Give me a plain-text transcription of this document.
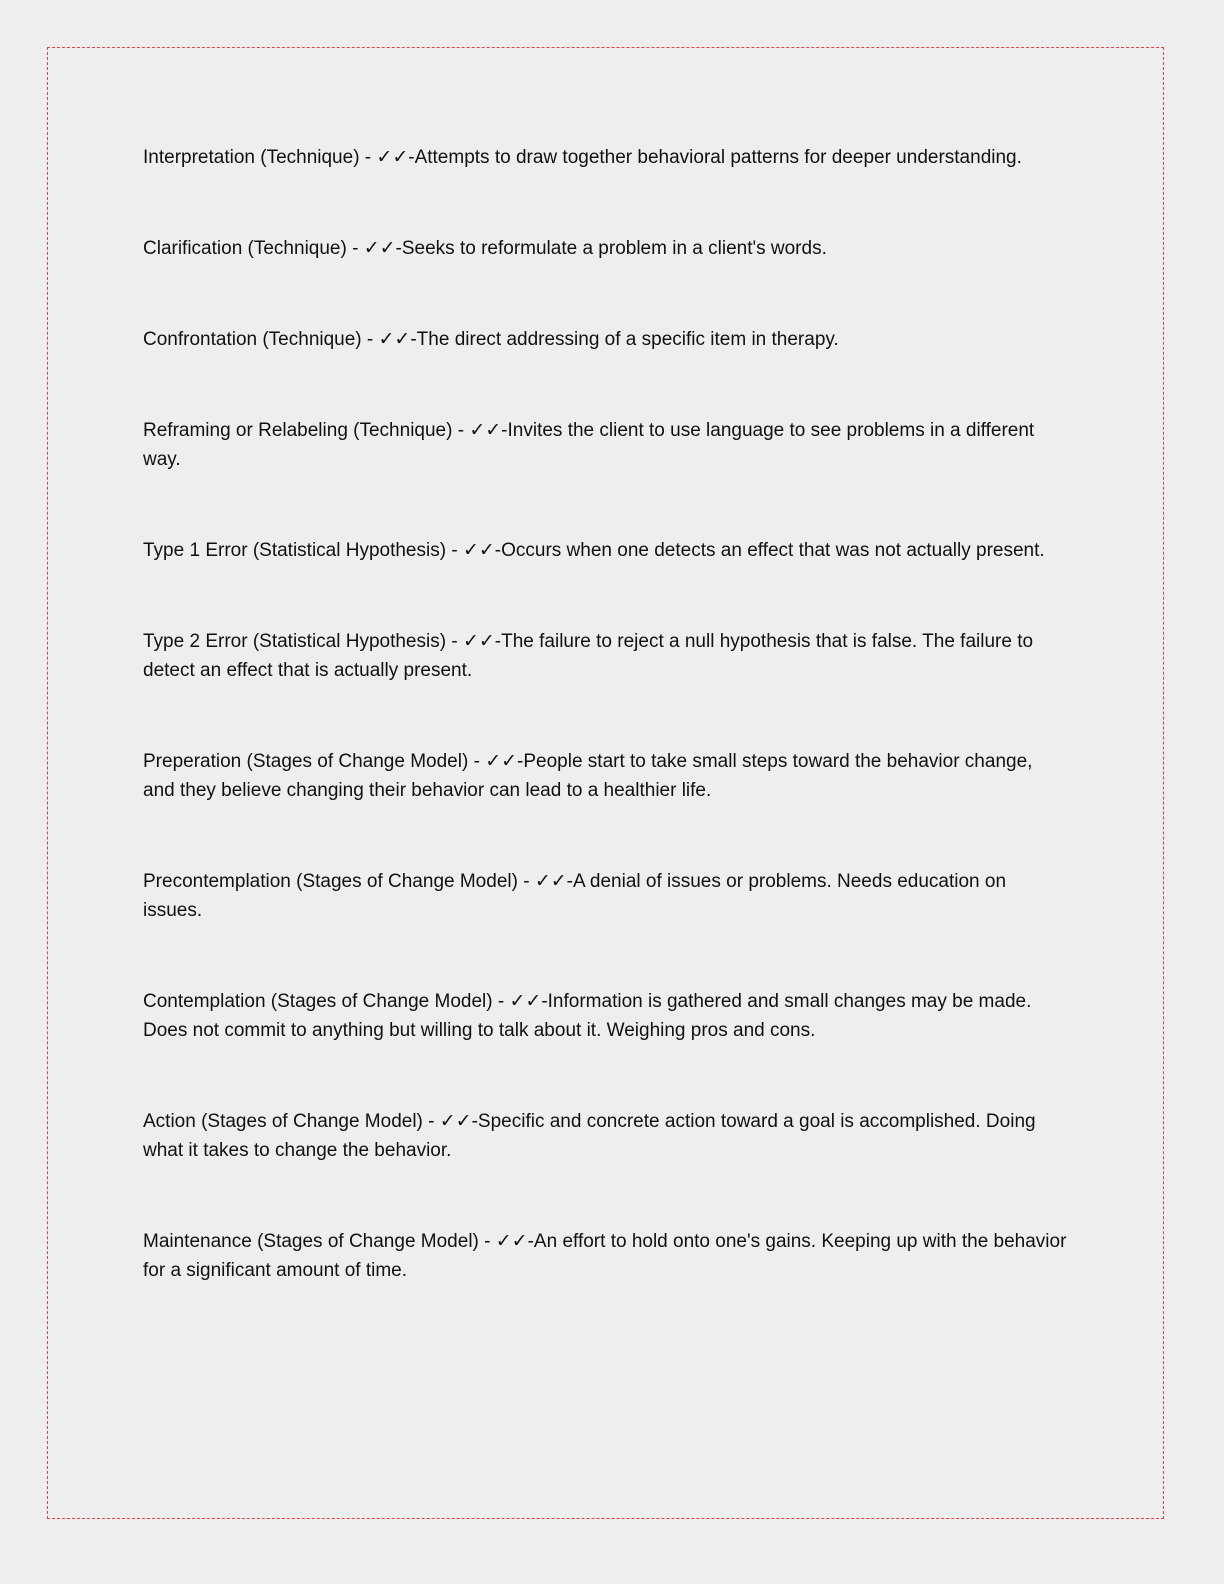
Interpretation (Technique) - ✓✓-Attempts to draw together behavioral patterns for deeper understanding.

Clarification (Technique) - ✓✓-Seeks to reformulate a problem in a client's words.

Confrontation (Technique) - ✓✓-The direct addressing of a specific item in therapy.

Reframing or Relabeling (Technique) - ✓✓-Invites the client to use language to see problems in a different way.

Type 1 Error (Statistical Hypothesis) - ✓✓-Occurs when one detects an effect that was not actually present.

Type 2 Error (Statistical Hypothesis) - ✓✓-The failure to reject a null hypothesis that is false. The failure to detect an effect that is actually present.

Preperation (Stages of Change Model) - ✓✓-People start to take small steps toward the behavior change, and they believe changing their behavior can lead to a healthier life.

Precontemplation (Stages of Change Model) - ✓✓-A denial of issues or problems. Needs education on issues.

Contemplation (Stages of Change Model) - ✓✓-Information is gathered and small changes may be made. Does not commit to anything but willing to talk about it. Weighing pros and cons.

Action (Stages of Change Model) - ✓✓-Specific and concrete action toward a goal is accomplished. Doing what it takes to change the behavior.

Maintenance (Stages of Change Model) - ✓✓-An effort to hold onto one's gains. Keeping up with the behavior for a significant amount of time.
